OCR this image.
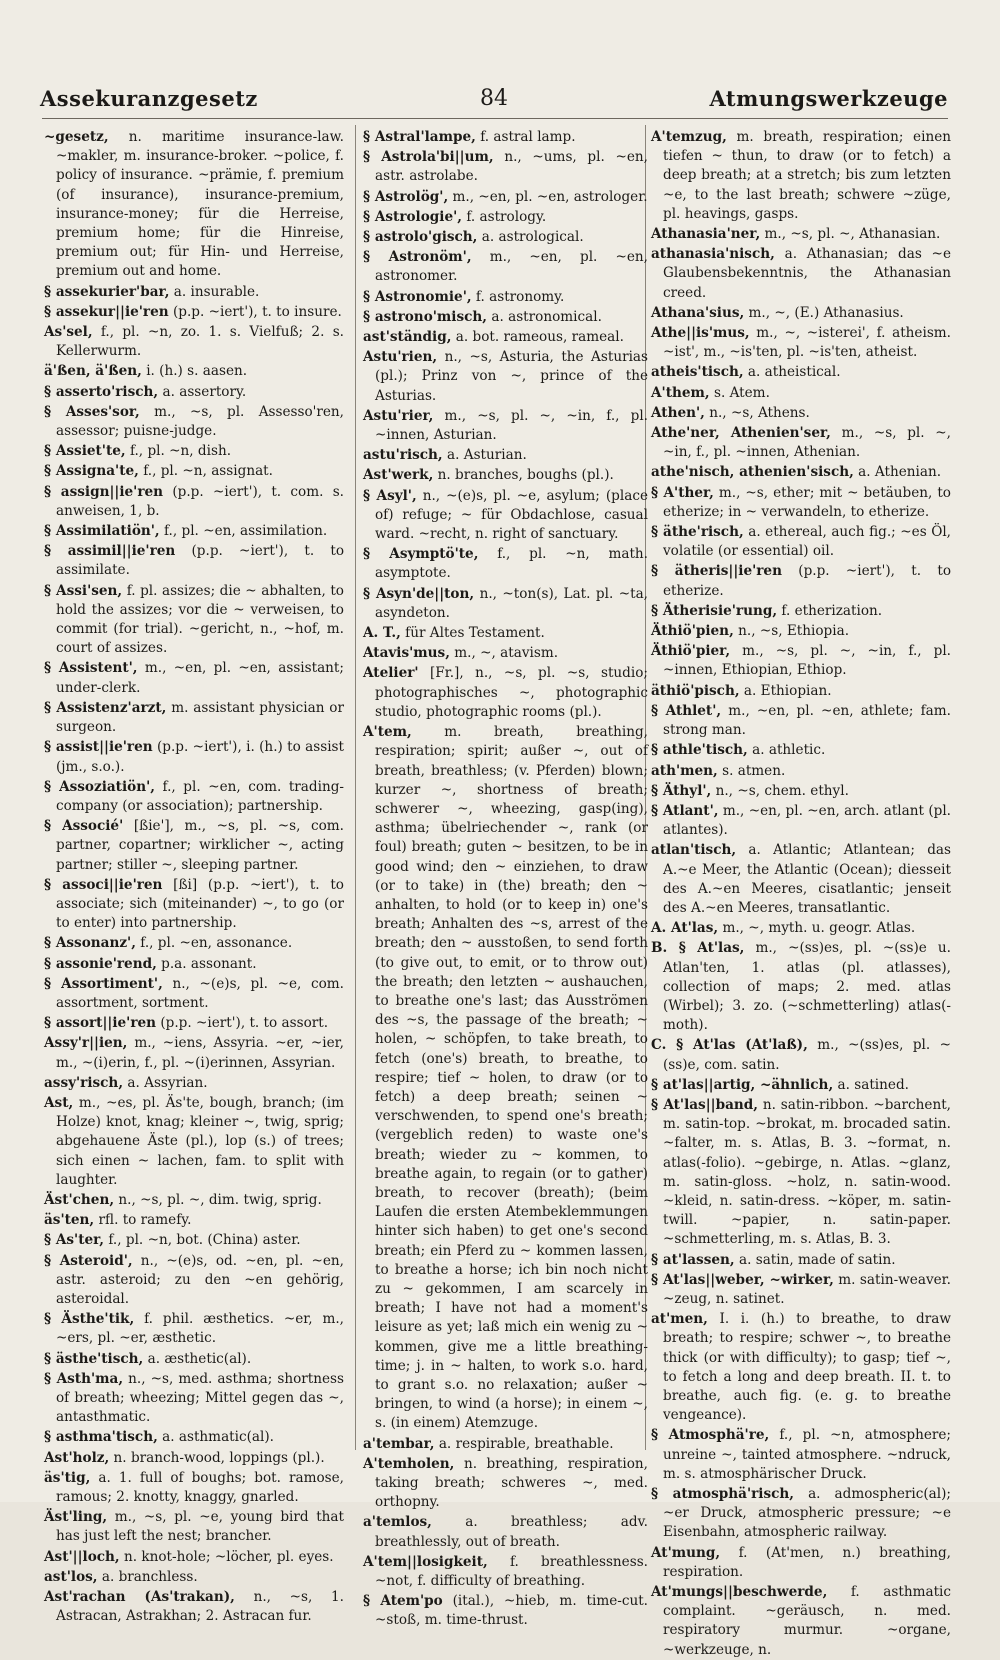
Assekuranzgesetz	84	Atmungswerkzeuge
~gesetz, n. maritime insurance-law. ~makler, m. insurance-broker. ~police, f. policy of insurance. ~prämie, f. premium (of insurance), insurance-premium, insurance-money; für die Herreise, premium home; für die Hinreise, premium out; für Hin- und Herreise, premium out and home.
§ assekurier'bar, a. insurable.
§ assekur||ie'ren (p.p. ~iert'), t. to insure.
As'sel, f., pl. ~n, zo. 1. s. Vielfuß; 2. s. Kellerwurm.
ä'ßen, ä'ßen, i. (h.) s. aasen.
§ asserto'risch, a. assertory.
§ Asses'sor, m., ~s, pl. Assesso'ren, assessor; puisne-judge.
§ Assiet'te, f., pl. ~n, dish.
§ Assigna'te, f., pl. ~n, assignat.
§ assign||ie'ren (p.p. ~iert'), t. com. s. anweisen, 1, b.
§ Assimilatiön', f., pl. ~en, assimilation.
§ assimil||ie'ren (p.p. ~iert'), t. to assimilate.
§ Assi'sen, f. pl. assizes; die ~ abhalten, to hold the assizes; vor die ~ verweisen, to commit (for trial). ~gericht, n., ~hof, m. court of assizes.
§ Assistent', m., ~en, pl. ~en, assistant; under-clerk.
§ Assistenz'arzt, m. assistant physician or surgeon.
§ assist||ie'ren (p.p. ~iert'), i. (h.) to assist (jm., s.o.).
§ Assoziatiön', f., pl. ~en, com. trading-company (or association); partnership.
§ Associé' [ßie'], m., ~s, pl. ~s, com. partner, copartner; wirklicher ~, acting partner; stiller ~, sleeping partner.
§ associ||ie'ren [ßi] (p.p. ~iert'), t. to associate; sich (miteinander) ~, to go (or to enter) into partnership.
§ Assonanz', f., pl. ~en, assonance.
§ assonie'rend, p.a. assonant.
§ Assortiment', n., ~(e)s, pl. ~e, com. assortment, sortment.
§ assort||ie'ren (p.p. ~iert'), t. to assort.
Assy'r||ien, m., ~iens, Assyria. ~er, ~ier, m., ~(i)erin, f., pl. ~(i)erinnen, Assyrian.
assy'risch, a. Assyrian.
Ast, m., ~es, pl. Äs'te, bough, branch; (im Holze) knot, knag; kleiner ~, twig, sprig; abgehauene Äste (pl.), lop (s.) of trees; sich einen ~ lachen, fam. to split with laughter.
Äst'chen, n., ~s, pl. ~, dim. twig, sprig.
äs'ten, rfl. to ramefy.
§ As'ter, f., pl. ~n, bot. (China) aster.
§ Asteroid', n., ~(e)s, od. ~en, pl. ~en, astr. asteroid; zu den ~en gehörig, asteroidal.
§ Ästhe'tik, f. phil. æsthetics. ~er, m., ~ers, pl. ~er, æsthetic.
§ ästhe'tisch, a. æsthetic(al).
§ Asth'ma, n., ~s, med. asthma; shortness of breath; wheezing; Mittel gegen das ~, antasthmatic.
§ asthma'tisch, a. asthmatic(al).
Ast'holz, n. branch-wood, loppings (pl.).
äs'tig, a. 1. full of boughs; bot. ramose, ramous; 2. knotty, knaggy, gnarled.
Äst'ling, m., ~s, pl. ~e, young bird that has just left the nest; brancher.
Ast'||loch, n. knot-hole; ~löcher, pl. eyes.
ast'los, a. branchless.
Ast'rachan (As'trakan), n., ~s, 1. Astracan, Astrakhan; 2. Astracan fur.
§ Astral'lampe, f. astral lamp.
§ Astrola'bi||um, n., ~ums, pl. ~en, astr. astrolabe.
§ Astrolög', m., ~en, pl. ~en, astrologer.
§ Astrologie', f. astrology.
§ astrolo'gisch, a. astrological.
§ Astronöm', m., ~en, pl. ~en, astronomer.
§ Astronomie', f. astronomy.
§ astrono'misch, a. astronomical.
ast'ständig, a. bot. rameous, rameal.
Astu'rien, n., ~s, Asturia, the Asturias (pl.); Prinz von ~, prince of the Asturias.
Astu'rier, m., ~s, pl. ~, ~in, f., pl. ~innen, Asturian.
astu'risch, a. Asturian.
Ast'werk, n. branches, boughs (pl.).
§ Asyl', n., ~(e)s, pl. ~e, asylum; (place of) refuge; ~ für Obdachlose, casual ward. ~recht, n. right of sanctuary.
§ Asymptö'te, f., pl. ~n, math. asymptote.
§ Asyn'de||ton, n., ~ton(s), Lat. pl. ~ta, asyndeton.
A. T., für Altes Testament.
Atavis'mus, m., ~, atavism.
Atelier' [Fr.], n., ~s, pl. ~s, studio; photographisches ~, photographic studio, photographic rooms (pl.).
A'tem, m. breath, breathing, respiration; spirit; außer ~, out of breath, breathless; (v. Pferden) blown; kurzer ~, shortness of breath; schwerer ~, wheezing, gasp(ing), asthma; übelriechender ~, rank (or foul) breath; guten ~ besitzen, to be in good wind; den ~ einziehen, to draw (or to take) in (the) breath; den ~ anhalten, to hold (or to keep in) one's breath; Anhalten des ~s, arrest of the breath; den ~ ausstoßen, to send forth (to give out, to emit, or to throw out) the breath; den letzten ~ aushauchen, to breathe one's last; das Ausströmen des ~s, the passage of the breath; ~ holen, ~ schöpfen, to take breath, to fetch (one's) breath, to breathe, to respire; tief ~ holen, to draw (or to fetch) a deep breath; seinen ~ verschwenden, to spend one's breath; (vergeblich reden) to waste one's breath; wieder zu ~ kommen, to breathe again, to regain (or to gather) breath, to recover (breath); (beim Laufen die ersten Atembeklemmungen hinter sich haben) to get one's second breath; ein Pferd zu ~ kommen lassen, to breathe a horse; ich bin noch nicht zu ~ gekommen, I am scarcely in breath; I have not had a moment's leisure as yet; laß mich ein wenig zu ~ kommen, give me a little breathing-time; j. in ~ halten, to work s.o. hard, to grant s.o. no relaxation; außer ~ bringen, to wind (a horse); in einem ~, s. (in einem) Atemzuge.
a'tembar, a. respirable, breathable.
A'temholen, n. breathing, respiration, taking breath; schweres ~, med. orthopny.
a'temlos, a. breathless; adv. breathlessly, out of breath.
A'tem||losigkeit, f. breathlessness. ~not, f. difficulty of breathing.
§ Atem'po (ital.), ~hieb, m. time-cut. ~stoß, m. time-thrust.
A'temzug, m. breath, respiration; einen tiefen ~ thun, to draw (or to fetch) a deep breath; at a stretch; bis zum letzten ~e, to the last breath; schwere ~züge, pl. heavings, gasps.
Athanasia'ner, m., ~s, pl. ~, Athanasian.
athanasia'nisch, a. Athanasian; das ~e Glaubensbekenntnis, the Athanasian creed.
Athana'sius, m., ~, (E.) Athanasius.
Athe||is'mus, m., ~, ~isterei', f. atheism. ~ist', m., ~is'ten, pl. ~is'ten, atheist.
atheis'tisch, a. atheistical.
A'them, s. Atem.
Athen', n., ~s, Athens.
Athe'ner, Athenien'ser, m., ~s, pl. ~, ~in, f., pl. ~innen, Athenian.
athe'nisch, athenien'sisch, a. Athenian.
§ A'ther, m., ~s, ether; mit ~ betäuben, to etherize; in ~ verwandeln, to etherize.
§ äthe'risch, a. ethereal, auch fig.; ~es Öl, volatile (or essential) oil.
§ ätheris||ie'ren (p.p. ~iert'), t. to etherize.
§ Ätherisie'rung, f. etherization.
Äthiö'pien, n., ~s, Ethiopia.
Äthiö'pier, m., ~s, pl. ~, ~in, f., pl. ~innen, Ethiopian, Ethiop.
äthiö'pisch, a. Ethiopian.
§ Athlet', m., ~en, pl. ~en, athlete; fam. strong man.
§ athle'tisch, a. athletic.
ath'men, s. atmen.
§ Äthyl', n., ~s, chem. ethyl.
§ Atlant', m., ~en, pl. ~en, arch. atlant (pl. atlantes).
atlan'tisch, a. Atlantic; Atlantean; das A.~e Meer, the Atlantic (Ocean); diesseit des A.~en Meeres, cisatlantic; jenseit des A.~en Meeres, transatlantic.
A. At'las, m., ~, myth. u. geogr. Atlas.
B. § At'las, m., ~(ss)es, pl. ~(ss)e u. Atlan'ten, 1. atlas (pl. atlasses), collection of maps; 2. med. atlas (Wirbel); 3. zo. (~schmetterling) atlas(-moth).
C. § At'las (At'laß), m., ~(ss)es, pl. ~(ss)e, com. satin.
§ at'las||artig, ~ähnlich, a. satined.
§ At'las||band, n. satin-ribbon. ~barchent, m. satin-top. ~brokat, m. brocaded satin. ~falter, m. s. Atlas, B. 3. ~format, n. atlas(-folio). ~gebirge, n. Atlas. ~glanz, m. satin-gloss. ~holz, n. satin-wood. ~kleid, n. satin-dress. ~köper, m. satin-twill. ~papier, n. satin-paper. ~schmetterling, m. s. Atlas, B. 3.
§ at'lassen, a. satin, made of satin.
§ At'las||weber, ~wirker, m. satin-weaver. ~zeug, n. satinet.
at'men, I. i. (h.) to breathe, to draw breath; to respire; schwer ~, to breathe thick (or with difficulty); to gasp; tief ~, to fetch a long and deep breath. II. t. to breathe, auch fig. (e. g. to breathe vengeance).
§ Atmosphä're, f., pl. ~n, atmosphere; unreine ~, tainted atmosphere. ~ndruck, m. s. atmosphärischer Druck.
§ atmosphä'risch, a. admospheric(al); ~er Druck, atmospheric pressure; ~e Eisenbahn, atmospheric railway.
At'mung, f. (At'men, n.) breathing, respiration.
At'mungs||beschwerde, f. asthmatic complaint. ~geräusch, n. med. respiratory murmur. ~organe, ~werkzeuge, n.
